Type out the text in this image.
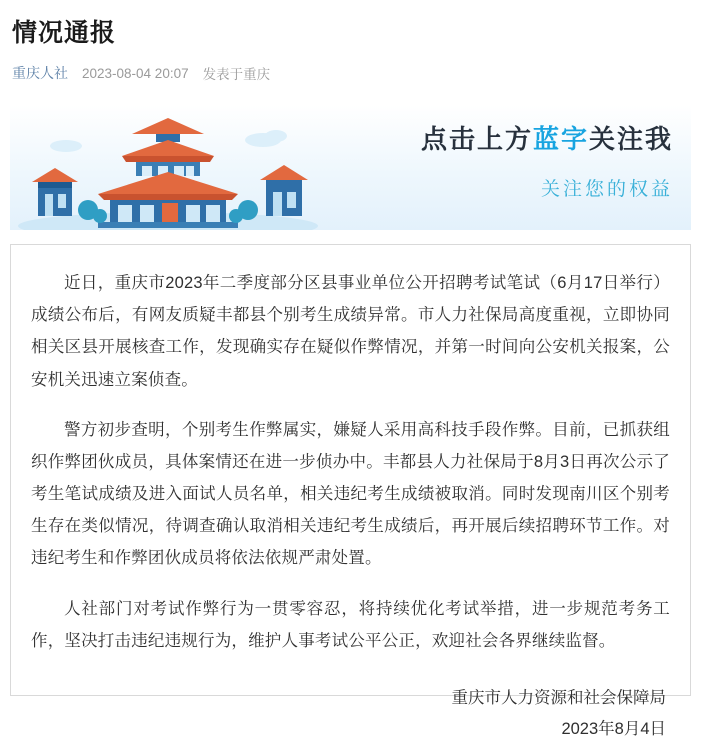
情况通报
重庆人社 2023-08-04 20:07 发表于重庆
点击上方蓝字关注我
关注您的权益

近日，重庆市2023年二季度部分区县事业单位公开招聘考试笔试（6月17日举行）成绩公布后，有网友质疑丰都县个别考生成绩异常。市人力社保局高度重视，立即协同相关区县开展核查工作，发现确实存在疑似作弊情况，并第一时间向公安机关报案，公安机关迅速立案侦查。

警方初步查明，个别考生作弊属实，嫌疑人采用高科技手段作弊。目前，已抓获组织作弊团伙成员，具体案情还在进一步侦办中。丰都县人力社保局于8月3日再次公示了考生笔试成绩及进入面试人员名单，相关违纪考生成绩被取消。同时发现南川区个别考生存在类似情况，待调查确认取消相关违纪考生成绩后，再开展后续招聘环节工作。对违纪考生和作弊团伙成员将依法依规严肃处置。

人社部门对考试作弊行为一贯零容忍，将持续优化考试举措，进一步规范考务工作，坚决打击违纪违规行为，维护人事考试公平公正，欢迎社会各界继续监督。

重庆市人力资源和社会保障局
2023年8月4日
